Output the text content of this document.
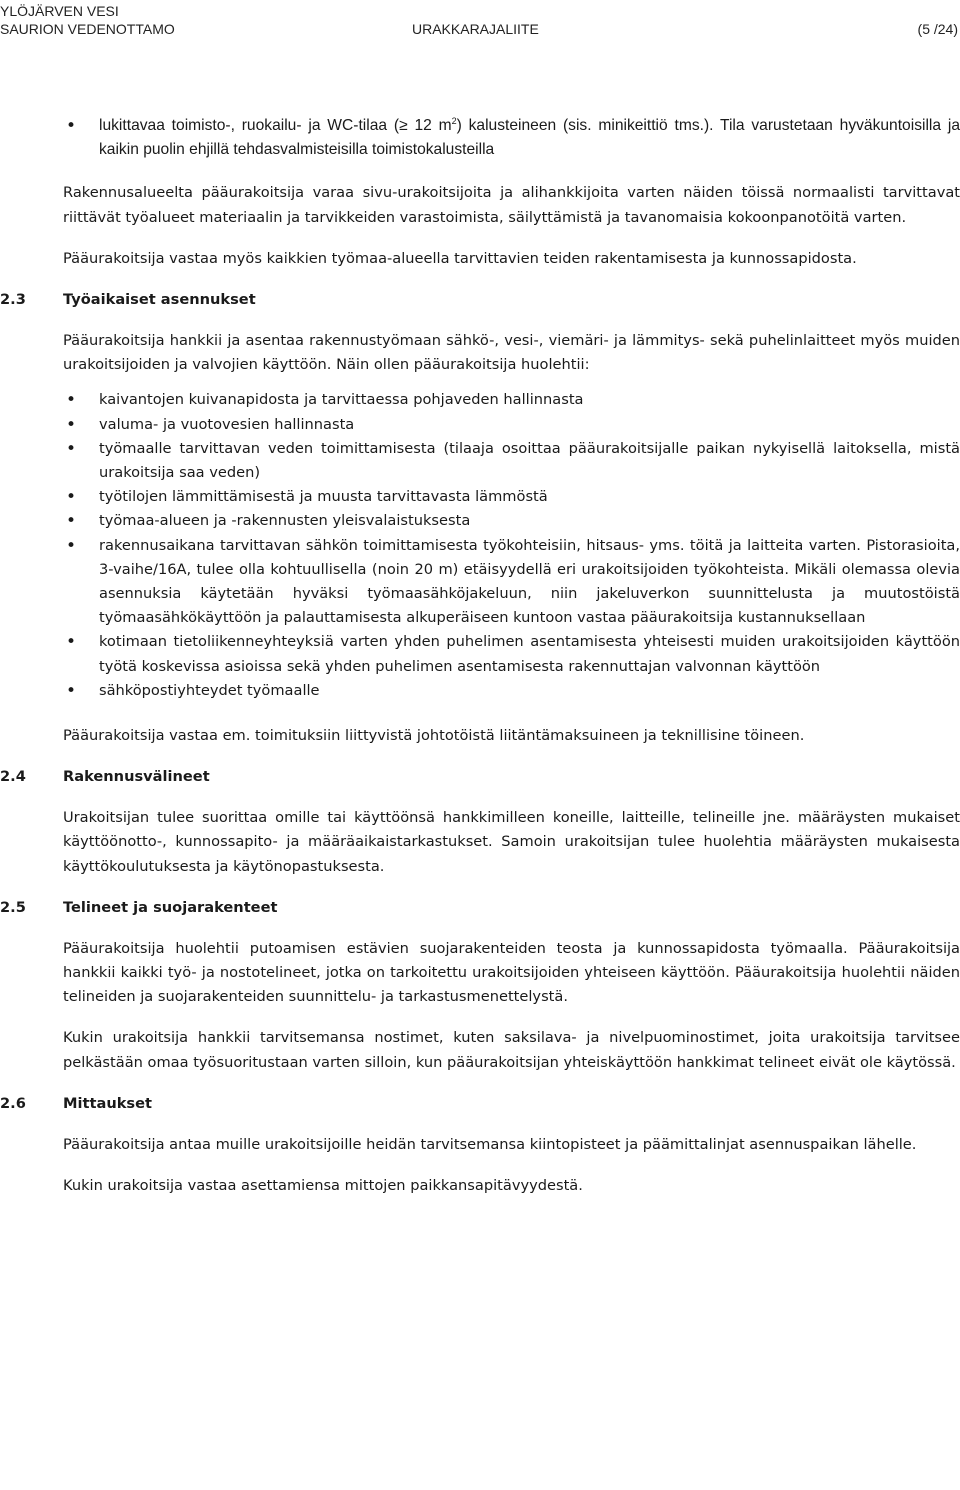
YLÖJÄRVEN VESI
SAURION VEDENOTTAMO	URAKKARAJALIITE	(5 /24)
• lukittavaa toimisto-, ruokailu- ja WC-tilaa (≥ 12 $m^2$) kalusteineen (sis. minikeittiö tms.). Tila varustetaan hyväkuntoisilla ja kaikin puolin ehjillä tehdasvalmisteisilla toimistokalusteilla

Rakennusalueelta pääurakoitsija varaa sivu-urakoitsijoita ja alihankkijoita varten näiden töissä normaalisti tarvittavat riittävät työalueet materiaalin ja tarvikkeiden varastoimista, säilyttämistä ja tavanomaisia kokoonpanotöitä varten.

Pääurakoitsija vastaa myös kaikkien työmaa-alueella tarvittavien teiden rakentamisesta ja kunnossapidosta.

2.3	Työaikaiset asennukset

Pääurakoitsija hankkii ja asentaa rakennustyömaan sähkö-, vesi-, viemäri- ja lämmitys- sekä puhelinlaitteet myös muiden urakoitsijoiden ja valvojien käyttöön. Näin ollen pääurakoitsija huolehtii:

• kaivantojen kuivanapidosta ja tarvittaessa pohjaveden hallinnasta
• valuma- ja vuotovesien hallinnasta
• työmaalle tarvittavan veden toimittamisesta (tilaaja osoittaa pääurakoitsijalle paikan nykyisellä laitoksella, mistä urakoitsija saa veden)
• työtilojen lämmittämisestä ja muusta tarvittavasta lämmöstä
• työmaa-alueen ja -rakennusten yleisvalaistuksesta
• rakennusaikana tarvittavan sähkön toimittamisesta työkohteisiin, hitsaus- yms. töitä ja laitteita varten. Pistorasioita, 3-vaihe/16A, tulee olla kohtuullisella (noin 20 m) etäisyydellä eri urakoitsijoiden työkohteista. Mikäli olemassa olevia asennuksia käytetään hyväksi työmaasähköjakeluun, niin jakeluverkon suunnittelusta ja muutostöistä työmaasähkökäyttöön ja palauttamisesta alkuperäiseen kuntoon vastaa pääurakoitsija kustannuksellaan
• kotimaan tietoliikenneyhteyksiä varten yhden puhelimen asentamisesta yhteisesti muiden urakoitsijoiden käyttöön työtä koskevissa asioissa sekä yhden puhelimen asentamisesta rakennuttajan valvonnan käyttöön
• sähköpostiyhteydet työmaalle

Pääurakoitsija vastaa em. toimituksiin liittyvistä johtotöistä liitäntämaksuineen ja teknillisine töineen.

2.4	Rakennusvälineet

Urakoitsijan tulee suorittaa omille tai käyttöönsä hankkimilleen koneille, laitteille, telineille jne. määräysten mukaiset käyttöönotto-, kunnossapito- ja määräaikaistarkastukset. Samoin urakoitsijan tulee huolehtia määräysten mukaisesta käyttökoulutuksesta ja käytönopastuksesta.

2.5	Telineet ja suojarakenteet

Pääurakoitsija huolehtii putoamisen estävien suojarakenteiden teosta ja kunnossapidosta työmaalla. Pääurakoitsija hankkii kaikki työ- ja nostotelineet, jotka on tarkoitettu urakoitsijoiden yhteiseen käyttöön. Pääurakoitsija huolehtii näiden telineiden ja suojarakenteiden suunnittelu- ja tarkastusmenettelystä.

Kukin urakoitsija hankkii tarvitsemansa nostimet, kuten saksilava- ja nivelpuominostimet, joita urakoitsija tarvitsee pelkästään omaa työsuoritustaan varten silloin, kun pääurakoitsijan yhteiskäyttöön hankkimat telineet eivät ole käytössä.

2.6	Mittaukset

Pääurakoitsija antaa muille urakoitsijoille heidän tarvitsemansa kiintopisteet ja päämittalinjat asennuspaikan lähelle.

Kukin urakoitsija vastaa asettamiensa mittojen paikkansapitävyydestä.
